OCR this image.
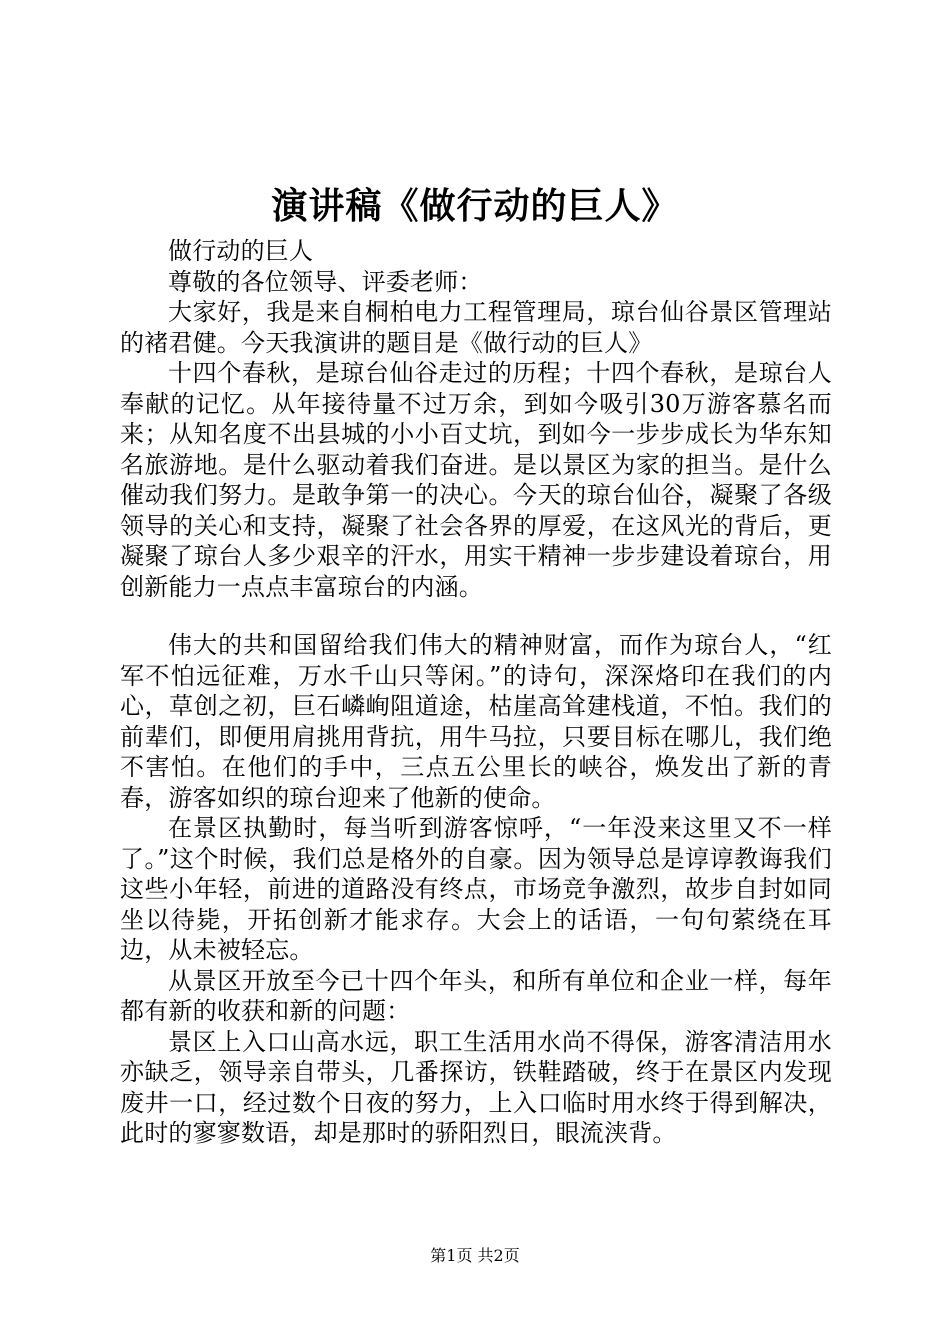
演讲稿《做行动的巨人》

做行动的巨人

尊敬的各位领导、评委老师：

大家好，我是来自桐柏电力工程管理局，琼台仙谷景区管理站的褚君健。今天我演讲的题目是《做行动的巨人》

十四个春秋，是琼台仙谷走过的历程；十四个春秋，是琼台人奉献的记忆。从年接待量不过万余，到如今吸引30万游客慕名而来；从知名度不出县城的小小百丈坑，到如今一步步成长为华东知名旅游地。是什么驱动着我们奋进。是以景区为家的担当。是什么催动我们努力。是敢争第一的决心。今天的琼台仙谷，凝聚了各级领导的关心和支持，凝聚了社会各界的厚爱，在这风光的背后，更凝聚了琼台人多少艰辛的汗水，用实干精神一步步建设着琼台，用创新能力一点点丰富琼台的内涵。

伟大的共和国留给我们伟大的精神财富，而作为琼台人，“红军不怕远征难，万水千山只等闲。”的诗句，深深烙印在我们的内心，草创之初，巨石嶙峋阻道途，枯崖高耸建栈道，不怕。我们的前辈们，即便用肩挑用背抗，用牛马拉，只要目标在哪儿，我们绝不害怕。在他们的手中，三点五公里长的峡谷，焕发出了新的青春，游客如织的琼台迎来了他新的使命。

在景区执勤时，每当听到游客惊呼，“一年没来这里又不一样了。”这个时候，我们总是格外的自豪。因为领导总是谆谆教诲我们这些小年轻，前进的道路没有终点，市场竞争激烈，故步自封如同坐以待毙，开拓创新才能求存。大会上的话语，一句句萦绕在耳边，从未被轻忘。

从景区开放至今已十四个年头，和所有单位和企业一样，每年都有新的收获和新的问题：

景区上入口山高水远，职工生活用水尚不得保，游客清洁用水亦缺乏，领导亲自带头，几番探访，铁鞋踏破，终于在景区内发现废井一口，经过数个日夜的努力，上入口临时用水终于得到解决，此时的寥寥数语，却是那时的骄阳烈日，眼流浃背。

第1页 共2页
